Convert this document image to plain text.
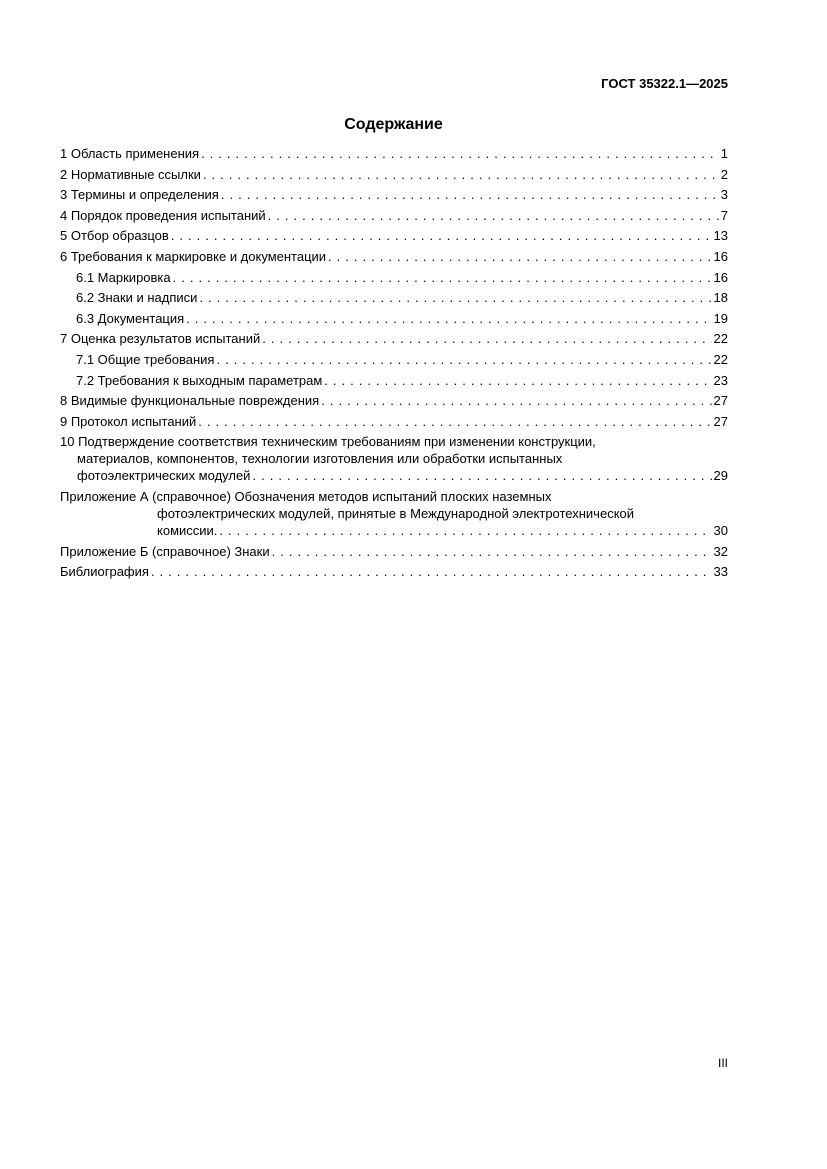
ГОСТ 35322.1—2025
Содержание
1 Область применения . . .	1
2 Нормативные ссылки . . .	2
3 Термины и определения . . .	3
4 Порядок проведения испытаний . . .	7
5 Отбор образцов . . .	13
6 Требования к маркировке и документации . . .	16
6.1 Маркировка . . .	16
6.2 Знаки и надписи . . .	18
6.3 Документация . . .	19
7 Оценка результатов испытаний . . .	22
7.1 Общие требования . . .	22
7.2 Требования к выходным параметрам . . .	23
8 Видимые функциональные повреждения . . .	27
9 Протокол испытаний . . .	27
10 Подтверждение соответствия техническим требованиям при изменении конструкции,
материалов, компонентов, технологии изготовления или обработки испытанных
фотоэлектрических модулей . . .	29
Приложение А (справочное) Обозначения методов испытаний плоских наземных
фотоэлектрических модулей, принятые в Международной электротехнической
комиссии. . . .	30
Приложение Б (справочное) Знаки . . .	32
Библиография . . .	33
III
